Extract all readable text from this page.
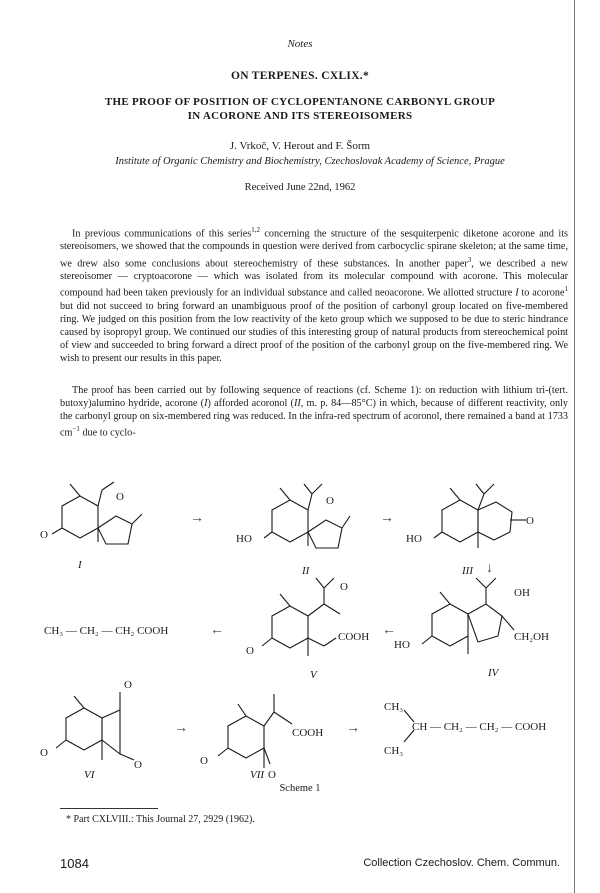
Notes
ON TERPENES. CXLIX.*
THE PROOF OF POSITION OF CYCLOPENTANONE CARBONYL GROUP
IN ACORONE AND ITS STEREOISOMERS
J. Vrkoč, V. Herout and F. Šorm
Institute of Organic Chemistry and Biochemistry, Czechoslovak Academy of Science, Prague
Received June 22nd, 1962
In previous communications of this series$^{1,2}$ concerning the structure of the sesquiterpenic diketone acorone and its stereoisomers, we showed that the compounds in question were derived from carbocyclic spirane skeleton; at the same time, we drew also some conclusions about stereochemistry of these substances. In another paper$^3$, we described a new stereoisomer — cryptoacorone — which was isolated from its molecular compound with acorone. This molecular compound had been taken previously for an individual substance and called neoacorone. We allotted structure I to acorone$^1$ but did not succeed to bring forward an unambiguous proof of the position of carbonyl group located on five-membered ring. We judged on this position from the low reactivity of the keto group which we supposed to be due to steric hindrance caused by isopropyl group. We continued our studies of this interesting group of natural products from stereochemical point of view and succeeded to bring forward a direct proof of the position of the carbonyl group on the five-membered ring. We wish to present our results in this paper.
The proof has been carried out by following sequence of reactions (cf. Scheme 1): on reduction with lithium tri-(tert. butoxy)alumino hydride, acorone (I) afforded acoronol (II, m. p. 84—85°C) in which, because of different reactivity, only the carbonyl group on six-membered ring was reduced. In the infra-red spectrum of acoronol, there remained a band at 1733 $cm^{-1}$ due to cyclo-
O
O
O
HO
O
HO
OH
CH₂OH
HO
O
COOH
O
CH₃ — CH₂ — CH₂ COOH
O
O
O
COOH
O
O
CH₃
CH — CH₂ — CH₂ — COOH
CH₃
→	→
↓
←
←
→	→
I	II	III
IV
V
VI	VII
Scheme 1
* Part CXLVIII.: This Journal 27, 2929 (1962).
1084	Collection Czechoslov. Chem. Commun.
